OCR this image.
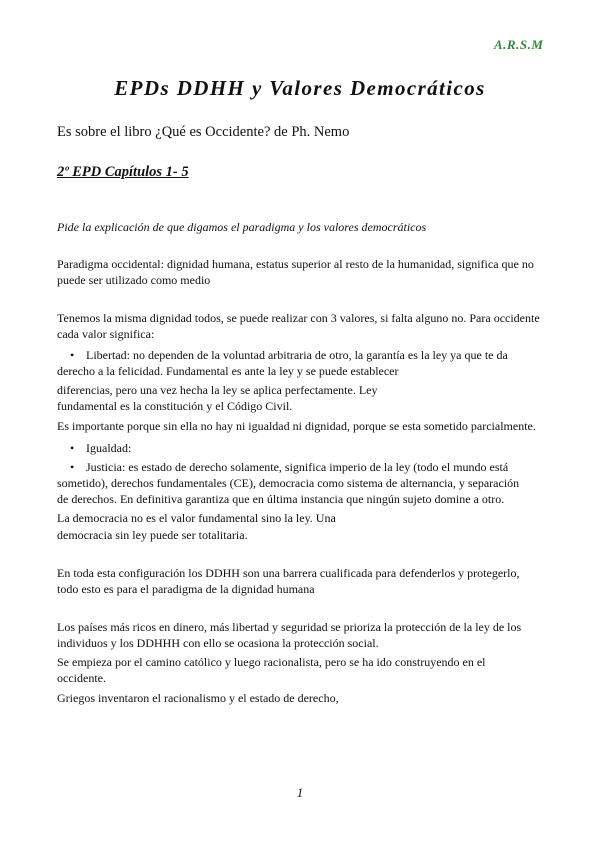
A.R.S.M
EPDs DDHH y Valores Democráticos
Es sobre el libro ¿Qué es Occidente? de Ph. Nemo
2º EPD Capítulos 1- 5
Pide la explicación de que digamos el paradigma y los valores democráticos
Paradigma occidental: dignidad humana, estatus superior al resto de la humanidad, significa que no
puede ser utilizado como medio
Tenemos la misma dignidad todos, se puede realizar con 3 valores, si falta alguno no. Para occidente
cada valor significa:
• Libertad: no dependen de la voluntad arbitraria de otro, la garantía es la ley ya que te da
derecho a la felicidad. Fundamental es ante la ley y se puede establecer
diferencias, pero una vez hecha la ley se aplica perfectamente. Ley
fundamental es la constitución y el Código Civil.
Es importante porque sin ella no hay ni igualdad ni dignidad, porque se esta sometido parcialmente.
• Igualdad:
• Justicia: es estado de derecho solamente, significa imperio de la ley (todo el mundo está
sometido), derechos fundamentales (CE), democracia como sistema de alternancia, y separación
de derechos. En definitiva garantiza que en última instancia que ningún sujeto domine a otro.
La democracia no es el valor fundamental sino la ley. Una
democracia sin ley puede ser totalitaria.
En toda esta configuración los DDHH son una barrera cualificada para defenderlos y protegerlo,
todo esto es para el paradigma de la dignidad humana
Los países más ricos en dinero, más libertad y seguridad se prioriza la protección de la ley de los
individuos y los DDHHH con ello se ocasiona la protección social.
Se empieza por el camino católico y luego racionalista, pero se ha ido construyendo en el
occidente.
Griegos inventaron el racionalismo y el estado de derecho,
1
